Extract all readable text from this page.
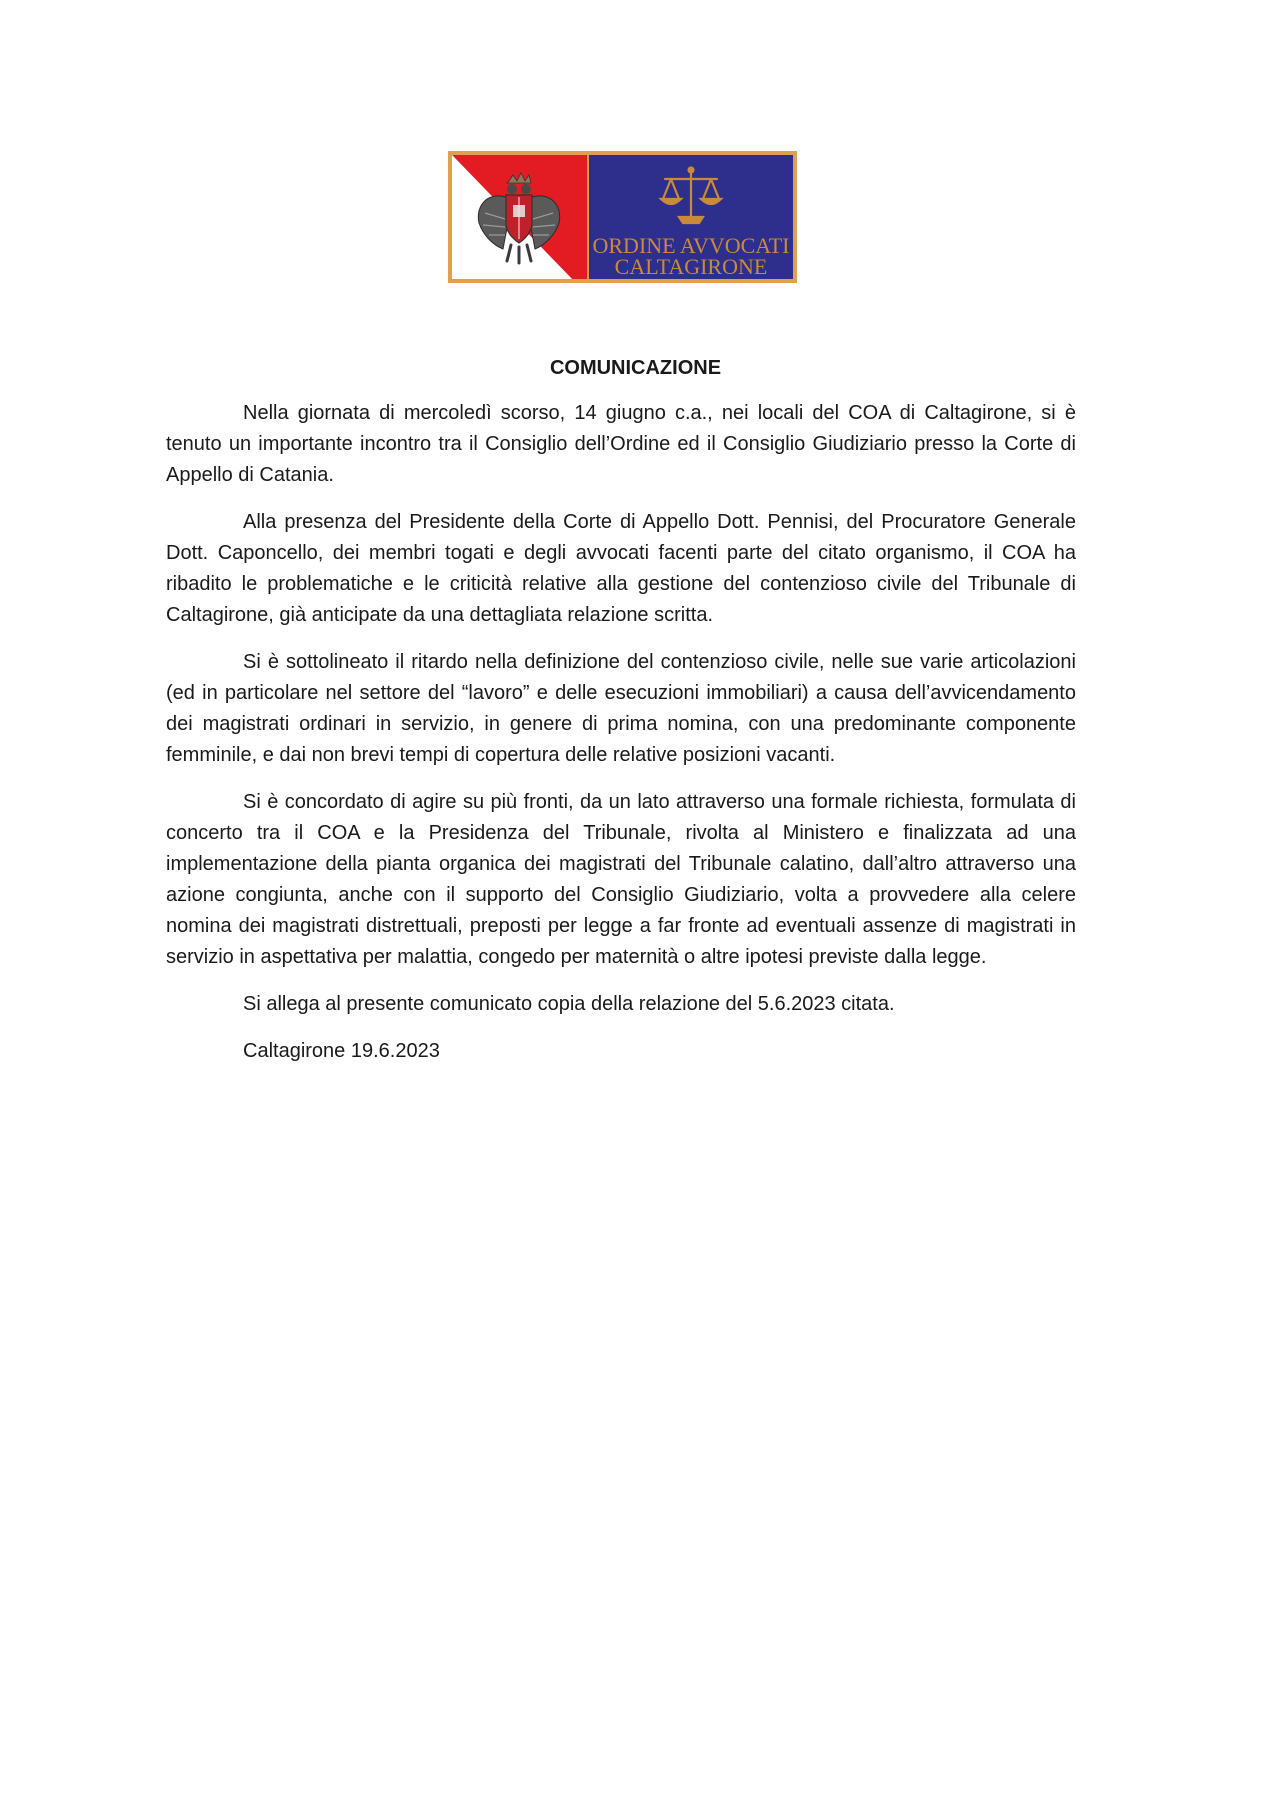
ORDINE AVVOCATI
CALTAGIRONE
COMUNICAZIONE

Nella giornata di mercoledì scorso, 14 giugno c.a., nei locali del COA di Caltagirone, si è tenuto un importante incontro tra il Consiglio dell’Ordine ed il Consiglio Giudiziario presso la Corte di Appello di Catania.

Alla presenza del Presidente della Corte di Appello Dott. Pennisi, del Procuratore Generale Dott. Caponcello, dei membri togati e degli avvocati facenti parte del citato organismo, il COA ha ribadito le problematiche e le criticità relative alla gestione del contenzioso civile del Tribunale di Caltagirone, già anticipate da una dettagliata relazione scritta.

Si è sottolineato il ritardo nella definizione del contenzioso civile, nelle sue varie articolazioni (ed in particolare nel settore del “lavoro” e delle esecuzioni immobiliari) a causa dell’avvicendamento dei magistrati ordinari in servizio, in genere di prima nomina, con una predominante componente femminile, e dai non brevi tempi di copertura delle relative posizioni vacanti.

Si è concordato di agire su più fronti, da un lato attraverso una formale richiesta, formulata di concerto tra il COA e la Presidenza del Tribunale, rivolta al Ministero e finalizzata ad una implementazione della pianta organica dei magistrati del Tribunale calatino, dall’altro attraverso una azione congiunta, anche con il supporto del Consiglio Giudiziario, volta a provvedere alla celere nomina dei magistrati distrettuali, preposti per legge a far fronte ad eventuali assenze di magistrati in servizio in aspettativa per malattia, congedo per maternità o altre ipotesi previste dalla legge.

Si allega al presente comunicato copia della relazione del 5.6.2023 citata.

Caltagirone 19.6.2023
